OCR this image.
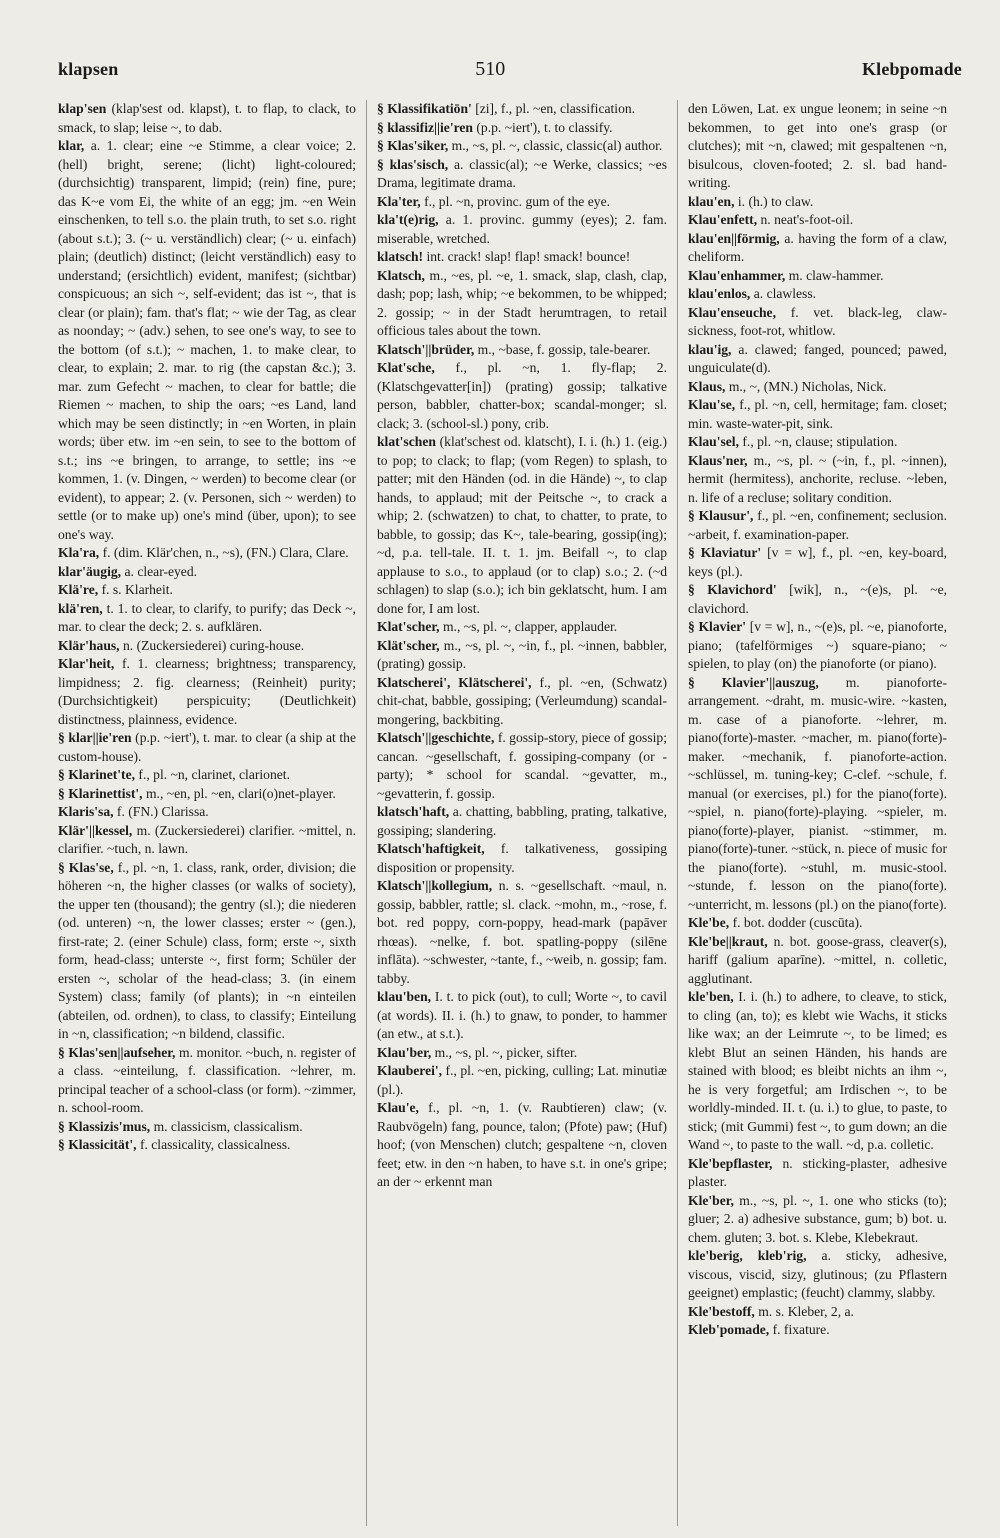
klapsen	510	Klebpomade

klap'sen (klap'sest od. klapst), t. to flap, to clack, to smack, to slap; leise ~, to dab.

klar, a. 1. clear; eine ~e Stimme, a clear voice; 2. (hell) bright, serene; (licht) light-coloured; (durchsichtig) transparent, limpid; (rein) fine, pure; das K~e vom Ei, the white of an egg; jm. ~en Wein einschenken, to tell s.o. the plain truth, to set s.o. right (about s.t.); 3. (~ u. verständlich) clear; (~ u. einfach) plain; (deutlich) distinct; (leicht verständlich) easy to understand; (ersichtlich) evident, manifest; (sichtbar) conspicuous; an sich ~, self-evident; das ist ~, that is clear (or plain); fam. that's flat; ~ wie der Tag, as clear as noonday; ~ (adv.) sehen, to see one's way, to see to the bottom (of s.t.); ~ machen, 1. to make clear, to clear, to explain; 2. mar. to rig (the capstan &c.); 3. mar. zum Gefecht ~ machen, to clear for battle; die Riemen ~ machen, to ship the oars; ~es Land, land which may be seen distinctly; in ~en Worten, in plain words; über etw. im ~en sein, to see to the bottom of s.t.; ins ~e bringen, to arrange, to settle; ins ~e kommen, 1. (v. Dingen, ~ werden) to become clear (or evident), to appear; 2. (v. Personen, sich ~ werden) to settle (or to make up) one's mind (über, upon); to see one's way.

Kla'ra, f. (dim. Klär'chen, n., ~s), (FN.) Clara, Clare.

klar'äugig, a. clear-eyed.

Klä're, f. s. Klarheit.

klä'ren, t. 1. to clear, to clarify, to purify; das Deck ~, mar. to clear the deck; 2. s. aufklären.

Klär'haus, n. (Zuckersiederei) curing-house.

Klar'heit, f. 1. clearness; brightness; transparency, limpidness; 2. fig. clearness; (Reinheit) purity; (Durchsichtigkeit) perspicuity; (Deutlichkeit) distinctness, plainness, evidence.

§ klar||ie'ren (p.p. ~iert'), t. mar. to clear (a ship at the custom-house).

§ Klarinet'te, f., pl. ~n, clarinet, clarionet.

§ Klarinettist', m., ~en, pl. ~en, clari(o)net-player.

Klaris'sa, f. (FN.) Clarissa.

Klär'||kessel, m. (Zuckersiederei) clarifier. ~mittel, n. clarifier. ~tuch, n. lawn.

§ Klas'se, f., pl. ~n, 1. class, rank, order, division; die höheren ~n, the higher classes (or walks of society), the upper ten (thousand); the gentry (sl.); die niederen (od. unteren) ~n, the lower classes; erster ~ (gen.), first-rate; 2. (einer Schule) class, form; erste ~, sixth form, head-class; unterste ~, first form; Schüler der ersten ~, scholar of the head-class; 3. (in einem System) class; family (of plants); in ~n einteilen (abteilen, od. ordnen), to class, to classify; Einteilung in ~n, classification; ~n bildend, classific.

§ Klas'sen||aufseher, m. monitor. ~buch, n. register of a class. ~einteilung, f. classification. ~lehrer, m. principal teacher of a school-class (or form). ~zimmer, n. school-room.

§ Klassizis'mus, m. classicism, classicalism.

§ Klassicität', f. classicality, classicalness.

§ Klassifikatiōn' [zi], f., pl. ~en, classification.

§ klassifiz||ie'ren (p.p. ~iert'), t. to classify.

§ Klas'siker, m., ~s, pl. ~, classic, classic(al) author.

§ klas'sisch, a. classic(al); ~e Werke, classics; ~es Drama, legitimate drama.

Kla'ter, f., pl. ~n, provinc. gum of the eye.

kla't(e)rig, a. 1. provinc. gummy (eyes); 2. fam. miserable, wretched.

klatsch! int. crack! slap! flap! smack! bounce!

Klatsch, m., ~es, pl. ~e, 1. smack, slap, clash, clap, dash; pop; lash, whip; ~e bekommen, to be whipped; 2. gossip; ~ in der Stadt herumtragen, to retail officious tales about the town.

Klatsch'||brüder, m., ~base, f. gossip, tale-bearer.

Klat'sche, f., pl. ~n, 1. fly-flap; 2. (Klatschgevatter[in]) (prating) gossip; talkative person, babbler, chatter-box; scandal-monger; sl. clack; 3. (school-sl.) pony, crib.

klat'schen (klat'schest od. klatscht), I. i. (h.) 1. (eig.) to pop; to clack; to flap; (vom Regen) to splash, to patter; mit den Händen (od. in die Hände) ~, to clap hands, to applaud; mit der Peitsche ~, to crack a whip; 2. (schwatzen) to chat, to chatter, to prate, to babble, to gossip; das K~, tale-bearing, gossip(ing); ~d, p.a. tell-tale. II. t. 1. jm. Beifall ~, to clap applause to s.o., to applaud (or to clap) s.o.; 2. (~d schlagen) to slap (s.o.); ich bin geklatscht, hum. I am done for, I am lost.

Klat'scher, m., ~s, pl. ~, clapper, applauder.

Klät'scher, m., ~s, pl. ~, ~in, f., pl. ~innen, babbler, (prating) gossip.

Klatscherei', Klätscherei', f., pl. ~en, (Schwatz) chit-chat, babble, gossiping; (Verleumdung) scandal-mongering, backbiting.

Klatsch'||geschichte, f. gossip-story, piece of gossip; cancan. ~gesellschaft, f. gossiping-company (or -party); * school for scandal. ~gevatter, m., ~gevatterin, f. gossip.

klatsch'haft, a. chatting, babbling, prating, talkative, gossiping; slandering.

Klatsch'haftigkeit, f. talkativeness, gossiping disposition or propensity.

Klatsch'||kollegium, n. s. ~gesellschaft. ~maul, n. gossip, babbler, rattle; sl. clack. ~mohn, m., ~rose, f. bot. red poppy, corn-poppy, head-mark (papāver rhœas). ~nelke, f. bot. spatling-poppy (silēne inflāta). ~schwester, ~tante, f., ~weib, n. gossip; fam. tabby.

klau'ben, I. t. to pick (out), to cull; Worte ~, to cavil (at words). II. i. (h.) to gnaw, to ponder, to hammer (an etw., at s.t.).

Klau'ber, m., ~s, pl. ~, picker, sifter.

Klauberei', f., pl. ~en, picking, culling; Lat. minutiæ (pl.).

Klau'e, f., pl. ~n, 1. (v. Raubtieren) claw; (v. Raubvögeln) fang, pounce, talon; (Pfote) paw; (Huf) hoof; (von Menschen) clutch; gespaltene ~n, cloven feet; etw. in den ~n haben, to have s.t. in one's gripe; an der ~ erkennt man

den Löwen, Lat. ex ungue leonem; in seine ~n bekommen, to get into one's grasp (or clutches); mit ~n, clawed; mit gespaltenen ~n, bisulcous, cloven-footed; 2. sl. bad hand-writing.

klau'en, i. (h.) to claw.

Klau'enfett, n. neat's-foot-oil.

klau'en||förmig, a. having the form of a claw, cheliform.

Klau'enhammer, m. claw-hammer.

klau'enlos, a. clawless.

Klau'enseuche, f. vet. black-leg, claw-sickness, foot-rot, whitlow.

klau'ig, a. clawed; fanged, pounced; pawed, unguiculate(d).

Klaus, m., ~, (MN.) Nicholas, Nick.

Klau'se, f., pl. ~n, cell, hermitage; fam. closet; min. waste-water-pit, sink.

Klau'sel, f., pl. ~n, clause; stipulation.

Klaus'ner, m., ~s, pl. ~ (~in, f., pl. ~innen), hermit (hermitess), anchorite, recluse. ~leben, n. life of a recluse; solitary condition.

§ Klausur', f., pl. ~en, confinement; seclusion. ~arbeit, f. examination-paper.

§ Klaviatur' [v = w], f., pl. ~en, key-board, keys (pl.).

§ Klavichord' [wik], n., ~(e)s, pl. ~e, clavichord.

§ Klavier' [v = w], n., ~(e)s, pl. ~e, pianoforte, piano; (tafelförmiges ~) square-piano; ~ spielen, to play (on) the pianoforte (or piano).

§ Klavier'||auszug, m. pianoforte-arrangement. ~draht, m. music-wire. ~kasten, m. case of a pianoforte. ~lehrer, m. piano(forte)-master. ~macher, m. piano(forte)-maker. ~mechanik, f. pianoforte-action. ~schlüssel, m. tuning-key; C-clef. ~schule, f. manual (or exercises, pl.) for the piano(forte). ~spiel, n. piano(forte)-playing. ~spieler, m. piano(forte)-player, pianist. ~stimmer, m. piano(forte)-tuner. ~stück, n. piece of music for the piano(forte). ~stuhl, m. music-stool. ~stunde, f. lesson on the piano(forte). ~unterricht, m. lessons (pl.) on the piano(forte).

Kle'be, f. bot. dodder (cuscūta).

Kle'be||kraut, n. bot. goose-grass, cleaver(s), hariff (galium aparīne). ~mittel, n. colletic, agglutinant.

kle'ben, I. i. (h.) to adhere, to cleave, to stick, to cling (an, to); es klebt wie Wachs, it sticks like wax; an der Leimrute ~, to be limed; es klebt Blut an seinen Händen, his hands are stained with blood; es bleibt nichts an ihm ~, he is very forgetful; am Irdischen ~, to be worldly-minded. II. t. (u. i.) to glue, to paste, to stick; (mit Gummi) fest ~, to gum down; an die Wand ~, to paste to the wall. ~d, p.a. colletic.

Kle'bepflaster, n. sticking-plaster, adhesive plaster.

Kle'ber, m., ~s, pl. ~, 1. one who sticks (to); gluer; 2. a) adhesive substance, gum; b) bot. u. chem. gluten; 3. bot. s. Klebe, Klebekraut.

kle'berig, kleb'rig, a. sticky, adhesive, viscous, viscid, sizy, glutinous; (zu Pflastern geeignet) emplastic; (feucht) clammy, slabby.

Kle'bestoff, m. s. Kleber, 2, a.

Kleb'pomade, f. fixature.
